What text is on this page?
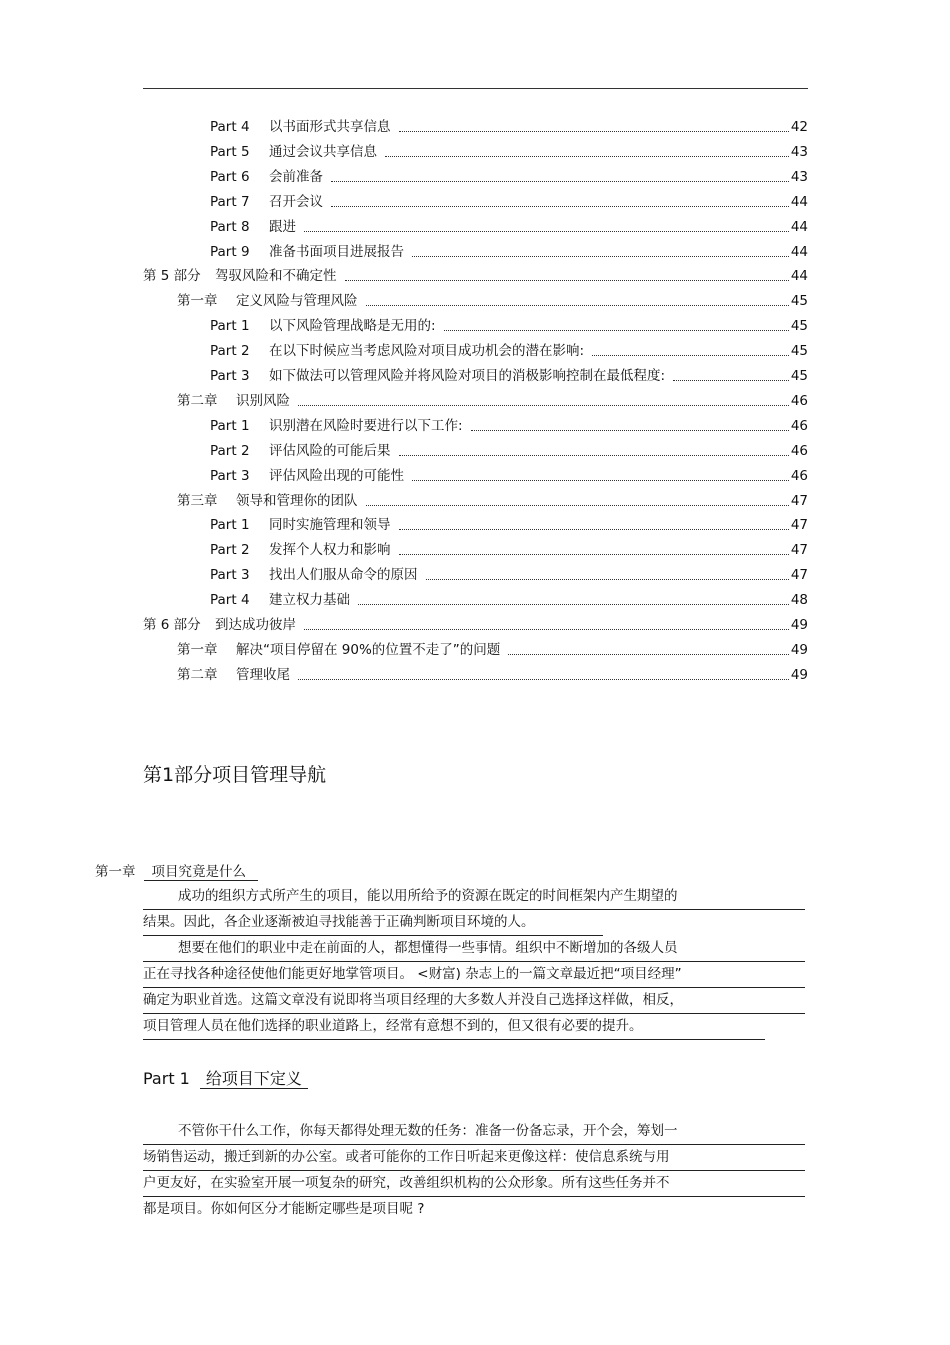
Part 4	以书面形式共享信息	42
Part 5	通过会议共享信息	43
Part 6	会前准备	43
Part 7	召开会议	44
Part 8	跟进	44
Part 9	准备书面项目进展报告	44
第 5 部分	驾驭风险和不确定性	44
第一章	定义风险与管理风险	45
Part 1	以下风险管理战略是无用的:	45
Part 2	在以下时候应当考虑风险对项目成功机会的潜在影响:	45
Part 3	如下做法可以管理风险并将风险对项目的消极影响控制在最低程度:	45
第二章	识别风险	46
Part 1	识别潜在风险时要进行以下工作:	46
Part 2	评估风险的可能后果	46
Part 3	评估风险出现的可能性	46
第三章	领导和管理你的团队	47
Part 1	同时实施管理和领导	47
Part 2	发挥个人权力和影响	47
Part 3	找出人们服从命令的原因	47
Part 4	建立权力基础	48
第 6 部分	到达成功彼岸	49
第一章	解决“项目停留在 90%的位置不走了”的问题	49
第二章	管理收尾	49
第1部分项目管理导航
第一章 项目究竟是什么
成功的组织方式所产生的项目，能以用所给予的资源在既定的时间框架内产生期望的
结果。因此，各企业逐渐被迫寻找能善于正确判断项目环境的人。
想要在他们的职业中走在前面的人，都想懂得一些事情。组织中不断增加的各级人员
正在寻找各种途径使他们能更好地掌管项目。 <财富) 杂志上的一篇文章最近把“项目经理”
确定为职业首选。这篇文章没有说即将当项目经理的大多数人并没自己选择这样做，相反，
项目管理人员在他们选择的职业道路上，经常有意想不到的，但又很有必要的提升。
Part 1 给项目下定义
不管你干什么工作，你每天都得处理无数的任务：准备一份备忘录，开个会，筹划一
场销售运动，搬迁到新的办公室。或者可能你的工作日听起来更像这样：使信息系统与用
户更友好，在实验室开展一项复杂的研究，改善组织机构的公众形象。所有这些任务并不
都是项目。你如何区分才能断定哪些是项目呢 ?
